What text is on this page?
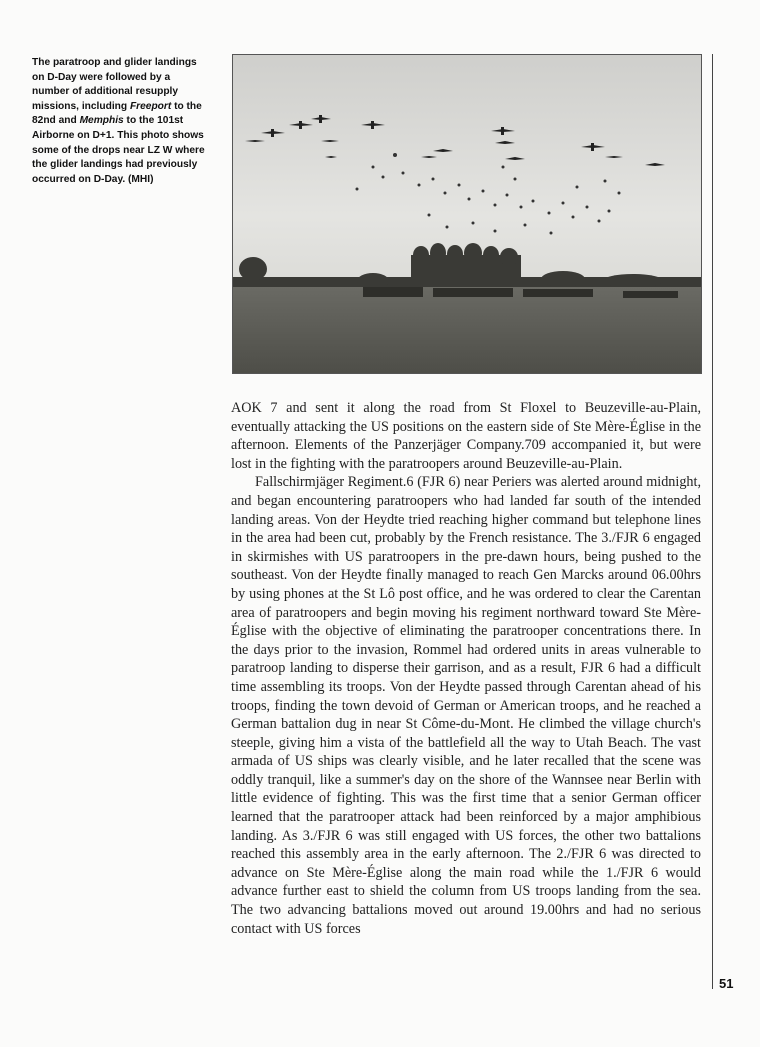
The paratroop and glider landings on D-Day were followed by a number of additional resupply missions, including Freeport to the 82nd and Memphis to the 101st Airborne on D+1. This photo shows some of the drops near LZ W where the glider landings had previously occurred on D-Day. (MHI)

AOK 7 and sent it along the road from St Floxel to Beuzeville-au-Plain, eventually attacking the US positions on the eastern side of Ste Mère-Église in the afternoon. Elements of the Panzerjäger Company.709 accompanied it, but were lost in the fighting with the paratroopers around Beuzeville-au-Plain.

Fallschirmjäger Regiment.6 (FJR 6) near Periers was alerted around midnight, and began encountering paratroopers who had landed far south of the intended landing areas. Von der Heydte tried reaching higher command but telephone lines in the area had been cut, probably by the French resistance. The 3./FJR 6 engaged in skirmishes with US paratroopers in the pre-dawn hours, being pushed to the southeast. Von der Heydte finally managed to reach Gen Marcks around 06.00hrs by using phones at the St Lô post office, and he was ordered to clear the Carentan area of paratroopers and begin moving his regiment northward toward Ste Mère-Église with the objective of eliminating the paratrooper concentrations there. In the days prior to the invasion, Rommel had ordered units in areas vulnerable to paratroop landing to disperse their garrison, and as a result, FJR 6 had a difficult time assembling its troops. Von der Heydte passed through Carentan ahead of his troops, finding the town devoid of German or American troops, and he reached a German battalion dug in near St Côme-du-Mont. He climbed the village church's steeple, giving him a vista of the battlefield all the way to Utah Beach. The vast armada of US ships was clearly visible, and he later recalled that the scene was oddly tranquil, like a summer's day on the shore of the Wannsee near Berlin with little evidence of fighting. This was the first time that a senior German officer learned that the paratrooper attack had been reinforced by a major amphibious landing. As 3./FJR 6 was still engaged with US forces, the other two battalions reached this assembly area in the early afternoon. The 2./FJR 6 was directed to advance on Ste Mère-Église along the main road while the 1./FJR 6 would advance further east to shield the column from US troops landing from the sea. The two advancing battalions moved out around 19.00hrs and had no serious contact with US forces

51
